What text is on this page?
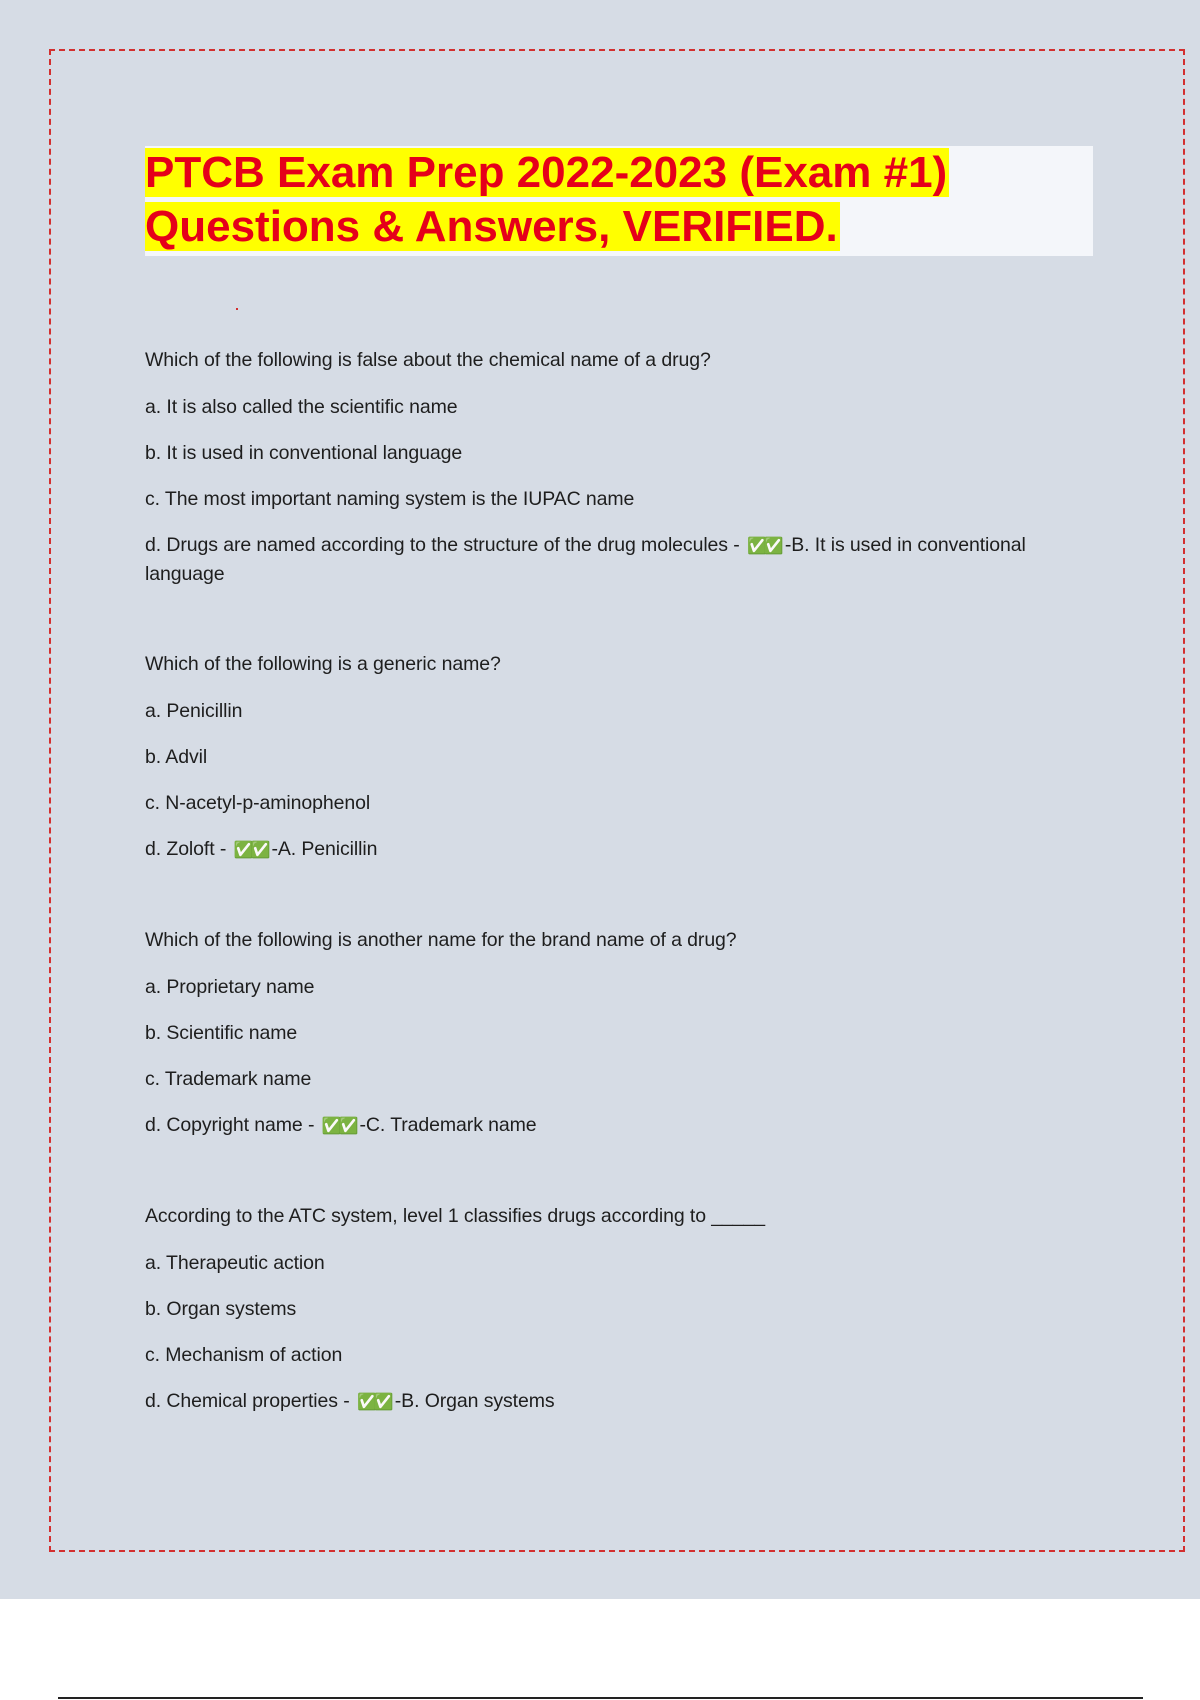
PTCB Exam Prep 2022-2023 (Exam #1)
Questions & Answers, VERIFIED.

Which of the following is false about the chemical name of a drug?

a. It is also called the scientific name

b. It is used in conventional language

c. The most important naming system is the IUPAC name

d. Drugs are named according to the structure of the drug molecules - ✅✅ -B. It is used in conventional language

Which of the following is a generic name?

a. Penicillin

b. Advil

c. N-acetyl-p-aminophenol

d. Zoloft - ✅✅ -A. Penicillin

Which of the following is another name for the brand name of a drug?

a. Proprietary name

b. Scientific name

c. Trademark name

d. Copyright name - ✅✅ -C. Trademark name

According to the ATC system, level 1 classifies drugs according to _____

a. Therapeutic action

b. Organ systems

c. Mechanism of action

d. Chemical properties - ✅✅ -B. Organ systems
